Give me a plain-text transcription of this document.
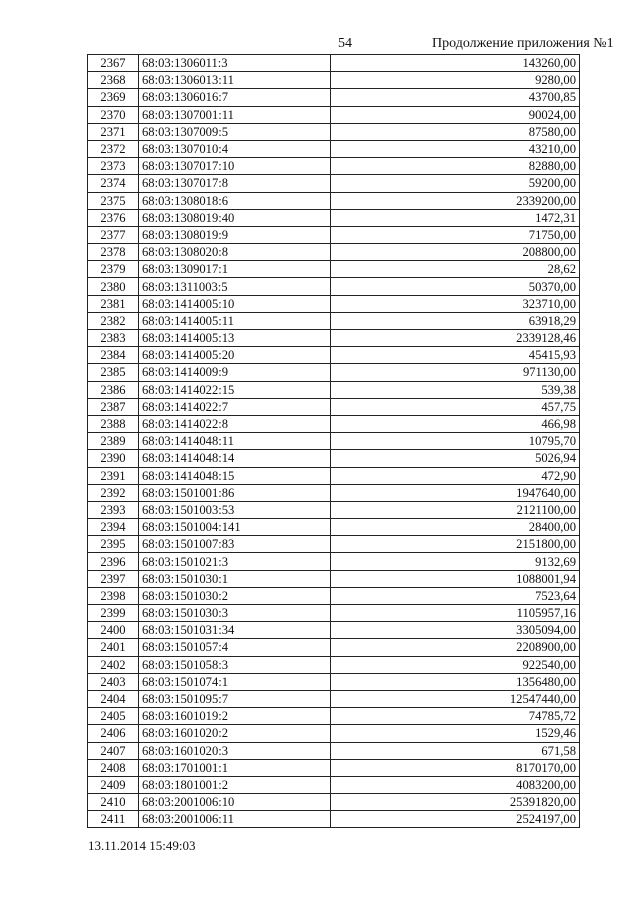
54	Продолжение приложения №1
2367	68:03:1306011:3	143260,00
2368	68:03:1306013:11	9280,00
2369	68:03:1306016:7	43700,85
2370	68:03:1307001:11	90024,00
2371	68:03:1307009:5	87580,00
2372	68:03:1307010:4	43210,00
2373	68:03:1307017:10	82880,00
2374	68:03:1307017:8	59200,00
2375	68:03:1308018:6	2339200,00
2376	68:03:1308019:40	1472,31
2377	68:03:1308019:9	71750,00
2378	68:03:1308020:8	208800,00
2379	68:03:1309017:1	28,62
2380	68:03:1311003:5	50370,00
2381	68:03:1414005:10	323710,00
2382	68:03:1414005:11	63918,29
2383	68:03:1414005:13	2339128,46
2384	68:03:1414005:20	45415,93
2385	68:03:1414009:9	971130,00
2386	68:03:1414022:15	539,38
2387	68:03:1414022:7	457,75
2388	68:03:1414022:8	466,98
2389	68:03:1414048:11	10795,70
2390	68:03:1414048:14	5026,94
2391	68:03:1414048:15	472,90
2392	68:03:1501001:86	1947640,00
2393	68:03:1501003:53	2121100,00
2394	68:03:1501004:141	28400,00
2395	68:03:1501007:83	2151800,00
2396	68:03:1501021:3	9132,69
2397	68:03:1501030:1	1088001,94
2398	68:03:1501030:2	7523,64
2399	68:03:1501030:3	1105957,16
2400	68:03:1501031:34	3305094,00
2401	68:03:1501057:4	2208900,00
2402	68:03:1501058:3	922540,00
2403	68:03:1501074:1	1356480,00
2404	68:03:1501095:7	12547440,00
2405	68:03:1601019:2	74785,72
2406	68:03:1601020:2	1529,46
2407	68:03:1601020:3	671,58
2408	68:03:1701001:1	8170170,00
2409	68:03:1801001:2	4083200,00
2410	68:03:2001006:10	25391820,00
2411	68:03:2001006:11	2524197,00
13.11.2014 15:49:03
